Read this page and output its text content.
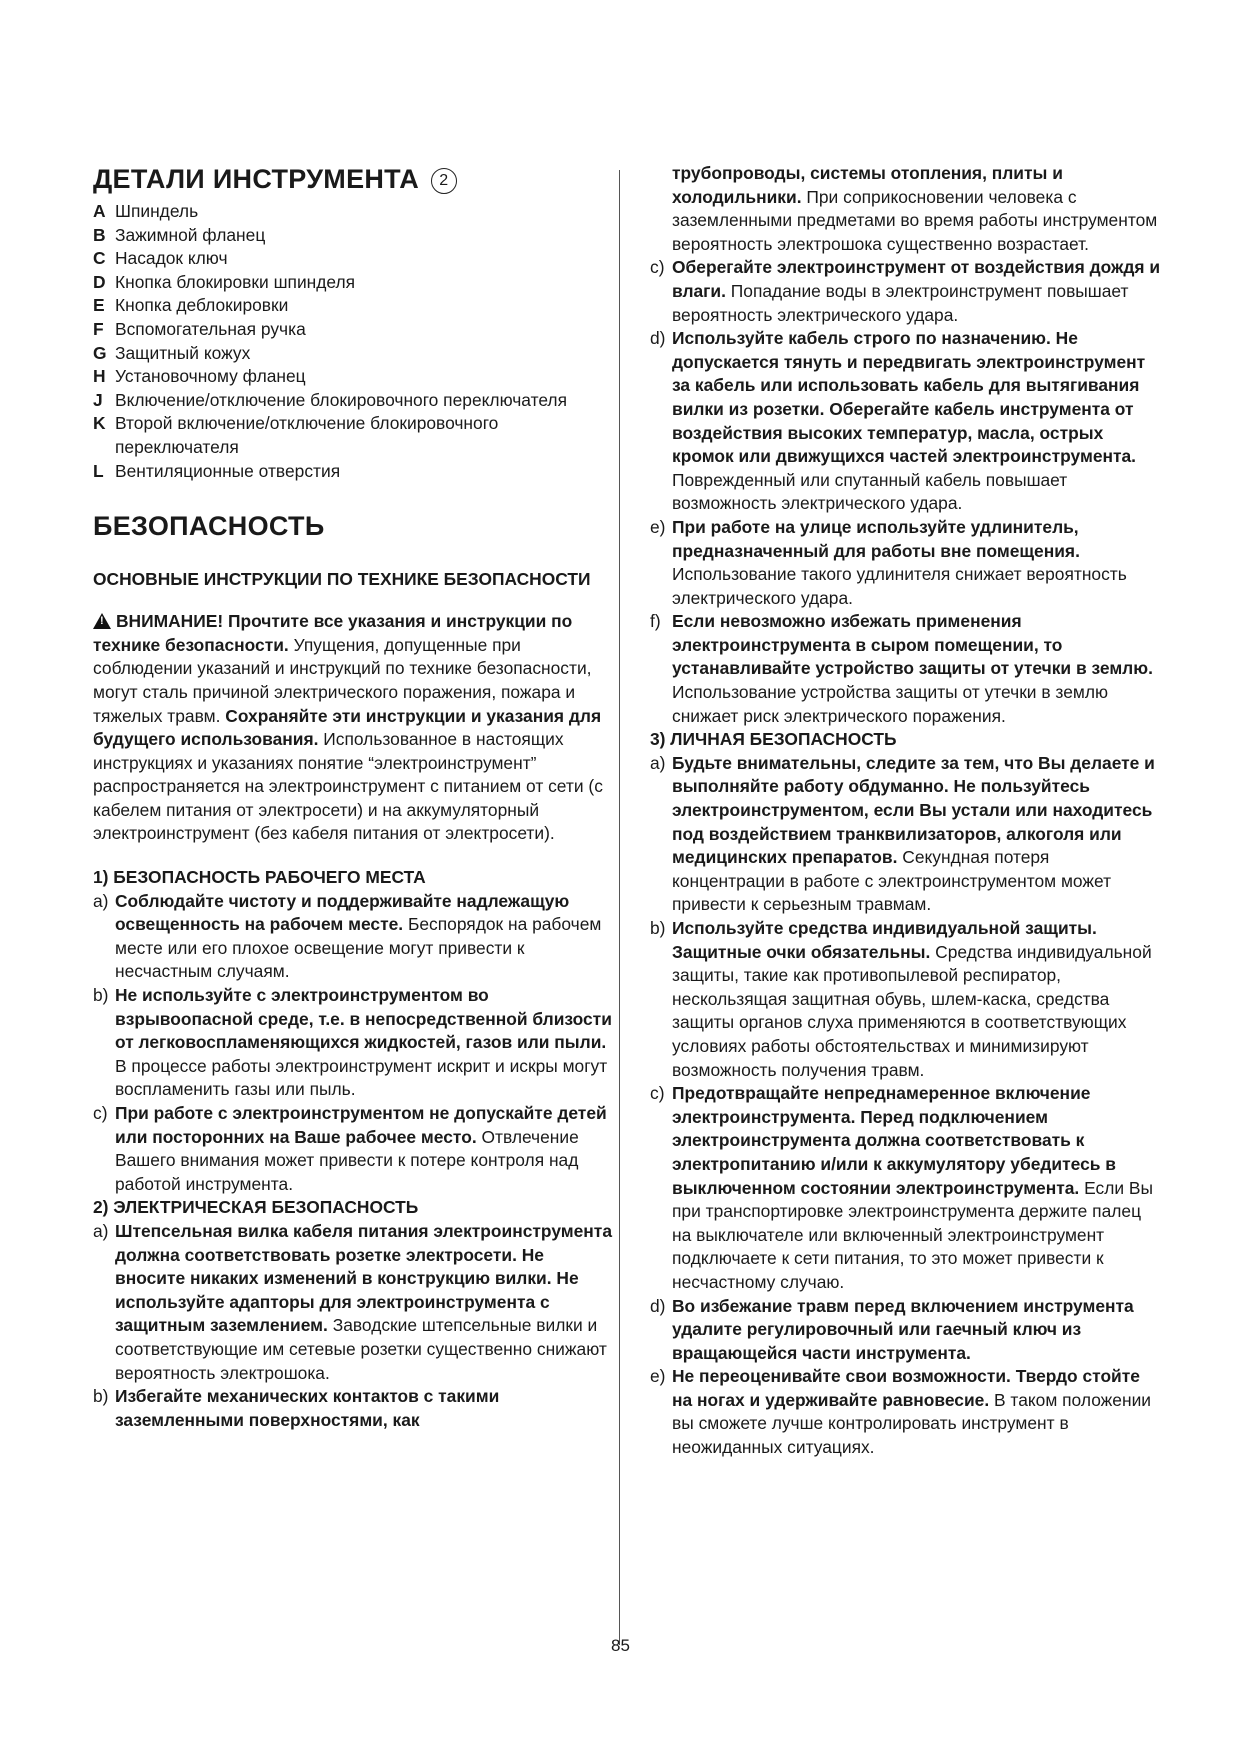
ДЕТАЛИ ИНСТРУМЕНТА 2
A Шпиндель
B Зажимной фланец
C Насадок ключ
D Кнопка блокировки шпинделя
E Кнопка деблокировки
F Вспомогательная ручка
G Защитный кожух
H Установочному фланец
J Включение/отключение блокировочного переключателя
K Второй включение/отключение блокировочного переключателя
L Вентиляционные отверстия
БЕЗОПАСНОСТЬ
ОСНОВНЫЕ ИНСТРУКЦИИ ПО ТЕХНИКЕ БЕЗОПАСНОСТИ

!ВНИМАНИЕ! Прочтите все указания и инструкции по технике безопасности. Упущения, допущенные при соблюдении указаний и инструкций по технике безопасности, могут сталь причиной электрического поражения, пожара и тяжелых травм. Сохраняйте эти инструкции и указания для будущего использования. Использованное в настоящих инструкциях и указаниях понятие “электроинструмент” распространяется на электроинструмент с питанием от сети (с кабелем питания от электросети) и на аккумуляторный электроинструмент (без кабеля питания от электросети).

1) БЕЗОПАСНОСТЬ РАБОЧЕГО МЕСТА

a) Соблюдайте чистоту и поддерживайте надлежащую освещенность на рабочем месте. Беспорядок на рабочем месте или его плохое освещение могут привести к несчастным случаям.
b) Не используйте с электроинструментом во взрывоопасной среде, т.е. в непосредственной близости от легковоспламеняющихся жидкостей, газов или пыли. В процессе работы электроинструмент искрит и искры могут воспламенить газы или пыль.
c) При работе с электроинструментом не допускайте детей или посторонних на Ваше рабочее место. Отвлечение Вашего внимания может привести к потере контроля над работой инструмента.

2) ЭЛЕКТРИЧЕСКАЯ БЕЗОПАСНОСТЬ

a) Штепсельная вилка кабеля питания электроинструмента должна соответствовать розетке электросети. Не вносите никаких изменений в конструкцию вилки. Не используйте адапторы для электроинструмента с защитным заземлением. Заводские штепсельные вилки и соответствующие им сетевые розетки существенно снижают вероятность электрошока.
b) Избегайте механических контактов с такими заземленными поверхностями, как
трубопроводы, системы отопления, плиты и холодильники. При соприкосновении человека с заземленными предметами во время работы инструментом вероятность электрошока существенно возрастает.
c) Оберегайте электроинструмент от воздействия дождя и влаги. Попадание воды в электроинструмент повышает вероятность электрического удара.
d) Используйте кабель строго по назначению. Не допускается тянуть и передвигать электроинструмент за кабель или использовать кабель для вытягивания вилки из розетки. Оберегайте кабель инструмента от воздействия высоких температур, масла, острых кромок или движущихся частей электроинструмента. Поврежденный или спутанный кабель повышает возможность электрического удара.
e) При работе на улице используйте удлинитель, предназначенный для работы вне помещения. Использование такого удлинителя снижает вероятность электрического удара.
f) Если невозможно избежать применения электроинструмента в сыром помещении, то устанавливайте устройство защиты от утечки в землю. Использование устройства защиты от утечки в землю снижает риск электрического поражения.

3) ЛИЧНАЯ БЕЗОПАСНОСТЬ

a) Будьте внимательны, следите за тем, что Вы делаете и выполняйте работу обдуманно. Не пользуйтесь электроинструментом, если Вы устали или находитесь под воздействием транквилизаторов, алкоголя или медицинских препаратов. Секундная потеря концентрации в работе с электроинструментом может привести к серьезным травмам.
b) Используйте средства индивидуальной защиты. Защитные очки обязательны. Средства индивидуальной защиты, такие как противопылевой респиратор, нескользящая защитная обувь, шлем-каска, средства защиты органов слуха применяются в соответствующих условиях работы обстоятельствах и минимизируют возможность получения травм.
c) Предотвращайте непреднамеренное включение электроинструмента. Перед подключением электроинструмента должна соответствовать к электропитанию и/или к аккумулятору убедитесь в выключенном состоянии электроинструмента. Если Вы при транспортировке электроинструмента держите палец на выключателе или включенный электроинструмент подключаете к сети питания, то это может привести к несчастному случаю.
d) Во избежание травм перед включением инструмента удалите регулировочный или гаечный ключ из вращающейся части инструмента.
e) Не переоценивайте свои возможности. Твердо стойте на ногах и удерживайте равновесие. В таком положении вы сможете лучше контролировать инструмент в неожиданных ситуациях.
85
